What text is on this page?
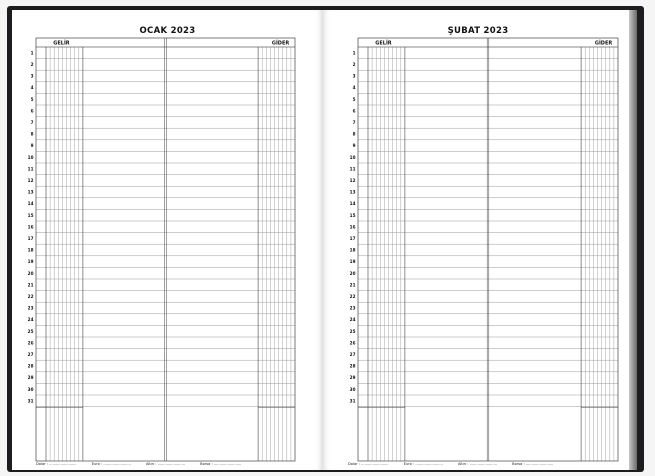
OCAK 2023
GELİR	GİDER
1
2
3
4
5
6
7
8
9
10
11
12
13
14
15
16
17
18
19
20
21
22
23
24
25
26
27
28
29
30
31
Dolar : ........................	Euro : ........................	Altın : ........................	Borsa : ........................
ŞUBAT 2023
GELİR	GİDER
1
2
3
4
5
6
7
8
9
10
11
12
13
14
15
16
17
18
19
20
21
22
23
24
25
26
27
28
29
30
31
Dolar : ........................	Euro : ........................	Altın : ........................	Borsa : ........................
